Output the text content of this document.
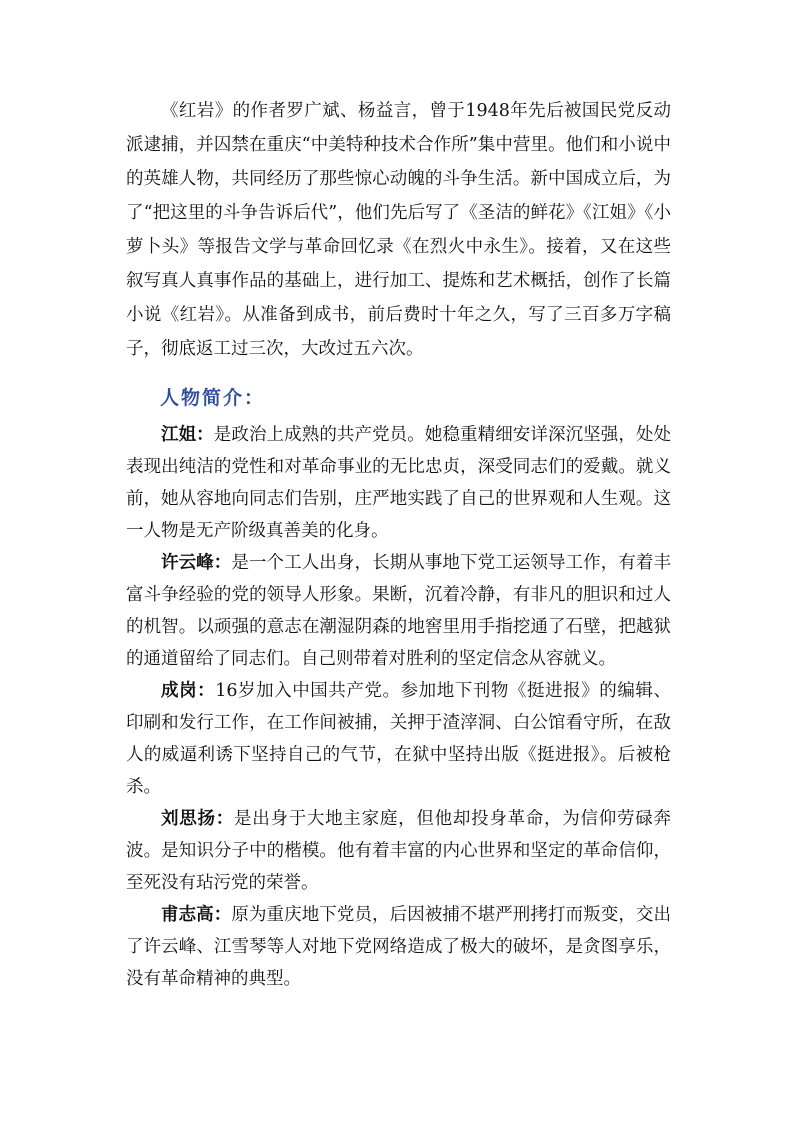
《红岩》的作者罗广斌、杨益言，曾于1948年先后被国民党反动派逮捕，并囚禁在重庆“中美特种技术合作所”集中营里。他们和小说中的英雄人物，共同经历了那些惊心动魄的斗争生活。新中国成立后，为了“把这里的斗争告诉后代”，他们先后写了《圣洁的鲜花》《江姐》《小萝卜头》等报告文学与革命回忆录《在烈火中永生》。接着，又在这些叙写真人真事作品的基础上，进行加工、提炼和艺术概括，创作了长篇小说《红岩》。从准备到成书，前后费时十年之久，写了三百多万字稿子，彻底返工过三次，大改过五六次。

人物简介：

江姐：是政治上成熟的共产党员。她稳重精细安详深沉坚强，处处表现出纯洁的党性和对革命事业的无比忠贞，深受同志们的爱戴。就义前，她从容地向同志们告别，庄严地实践了自己的世界观和人生观。这一人物是无产阶级真善美的化身。

许云峰：是一个工人出身，长期从事地下党工运领导工作，有着丰富斗争经验的党的领导人形象。果断，沉着冷静，有非凡的胆识和过人的机智。以顽强的意志在潮湿阴森的地窖里用手指挖通了石壁，把越狱的通道留给了同志们。自己则带着对胜利的坚定信念从容就义。

成岗：16岁加入中国共产党。参加地下刊物《挺进报》的编辑、印刷和发行工作，在工作间被捕，关押于渣滓洞、白公馆看守所，在敌人的威逼利诱下坚持自己的气节，在狱中坚持出版《挺进报》。后被枪杀。

刘思扬：是出身于大地主家庭，但他却投身革命，为信仰劳碌奔波。是知识分子中的楷模。他有着丰富的内心世界和坚定的革命信仰，至死没有玷污党的荣誉。

甫志高：原为重庆地下党员，后因被捕不堪严刑拷打而叛变，交出了许云峰、江雪琴等人对地下党网络造成了极大的破坏，是贪图享乐，没有革命精神的典型。
